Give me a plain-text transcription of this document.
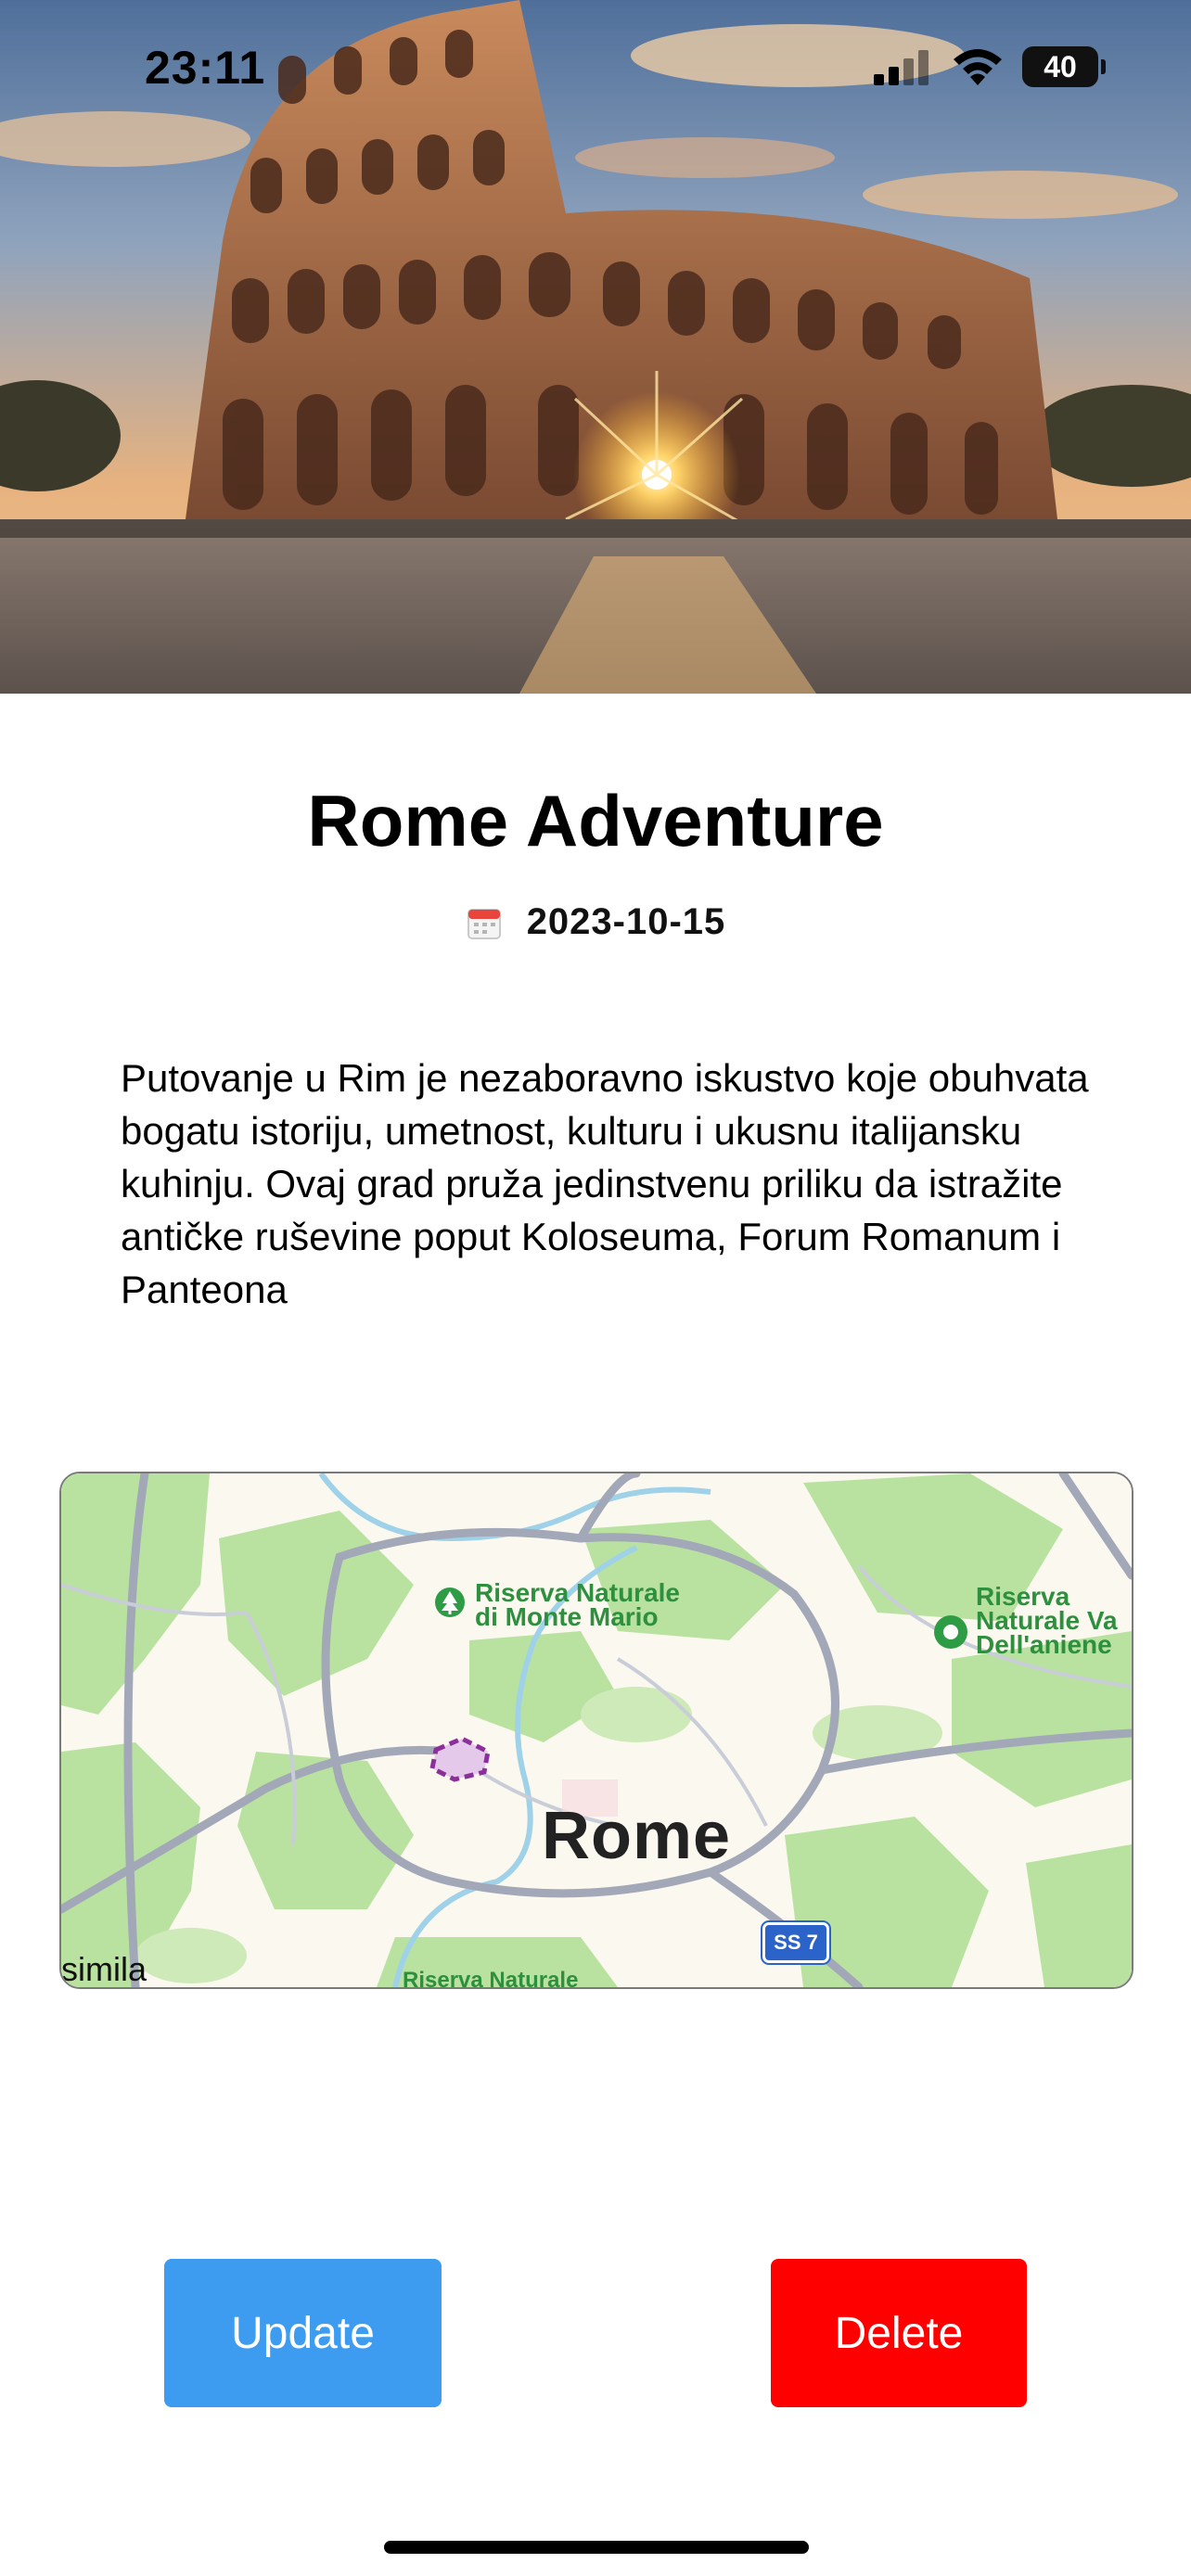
23:11	40
Rome Adventure
2023-10-15
Putovanje u Rim je nezaboravno iskustvo koje obuhvata bogatu istoriju, umetnost, kulturu i ukusnu italijansku kuhinju. Ovaj grad pruža jedinstvenu priliku da istražite antičke ruševine poput Koloseuma, Forum Romanum i Panteona
Riserva Naturale
di Monte Mario
Riserva
Naturale Va
Dell'aniene
Rome
SS 7
Riserva Naturale
simila
Update	Delete
